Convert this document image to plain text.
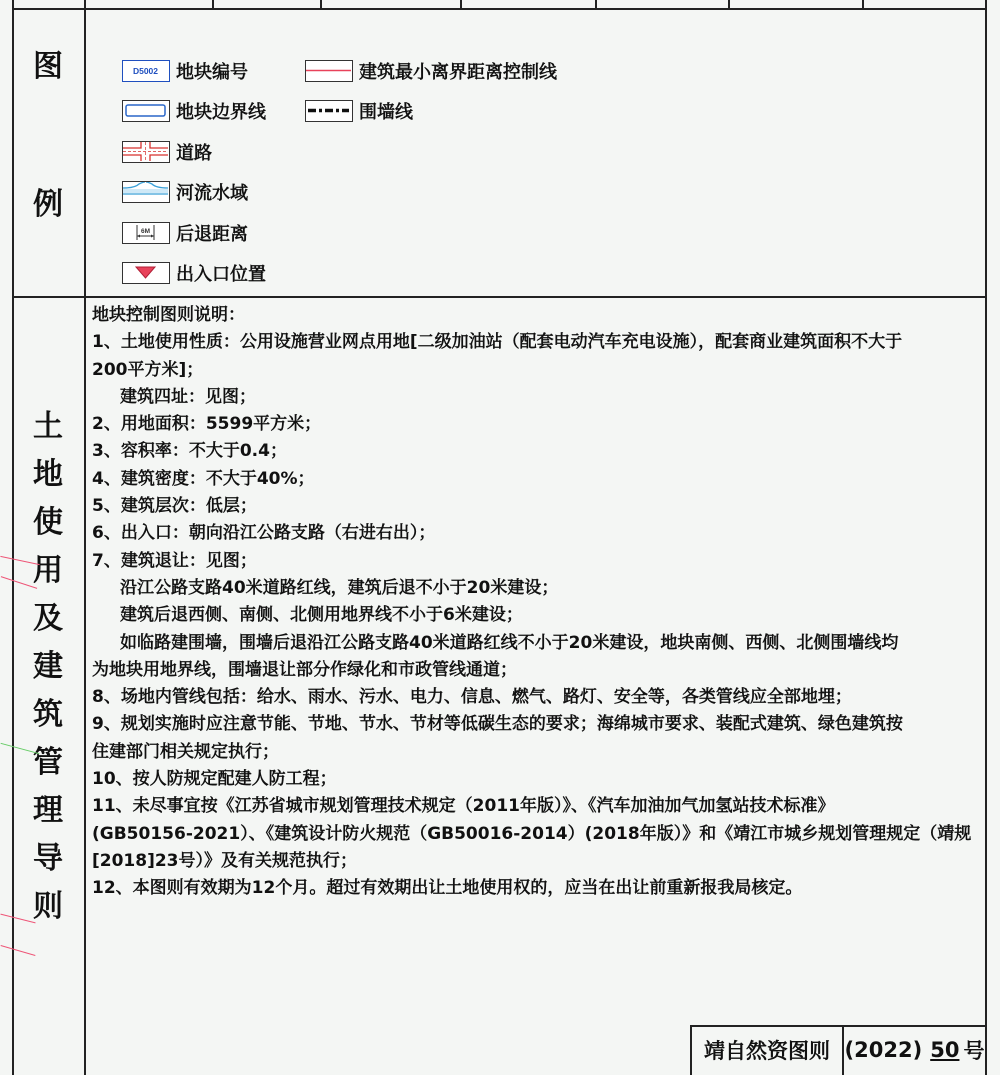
图
例
土
地
使
用
及
建
筑
管
理
导
则
D5002 地块编号
地块边界线
道路
河流水域
6M 后退距离
出入口位置
建筑最小离界距离控制线
围墙线
地块控制图则说明：
1、土地使用性质：公用设施营业网点用地[二级加油站（配套电动汽车充电设施），配套商业建筑面积不大于
200平方米]；
建筑四址：见图；
2、用地面积：5599平方米；
3、容积率：不大于0.4；
4、建筑密度：不大于40%；
5、建筑层次：低层；
6、出入口：朝向沿江公路支路（右进右出）；
7、建筑退让：见图；
沿江公路支路40米道路红线，建筑后退不小于20米建设；
建筑后退西侧、南侧、北侧用地界线不小于6米建设；
如临路建围墙，围墙后退沿江公路支路40米道路红线不小于20米建设，地块南侧、西侧、北侧围墙线均
为地块用地界线，围墙退让部分作绿化和市政管线通道；
8、场地内管线包括：给水、雨水、污水、电力、信息、燃气、路灯、安全等，各类管线应全部地埋；
9、规划实施时应注意节能、节地、节水、节材等低碳生态的要求；海绵城市要求、装配式建筑、绿色建筑按
住建部门相关规定执行；
10、按人防规定配建人防工程；
11、未尽事宜按《江苏省城市规划管理技术规定（2011年版）》、《汽车加油加气加氢站技术标准》
(GB50156-2021）、《建筑设计防火规范（GB50016-2014）(2018年版）》和《靖江市城乡规划管理规定（靖规
[2018]23号）》及有关规范执行；
12、本图则有效期为12个月。超过有效期出让土地使用权的，应当在出让前重新报我局核定。
靖自然资图则 (2022) 50 号
